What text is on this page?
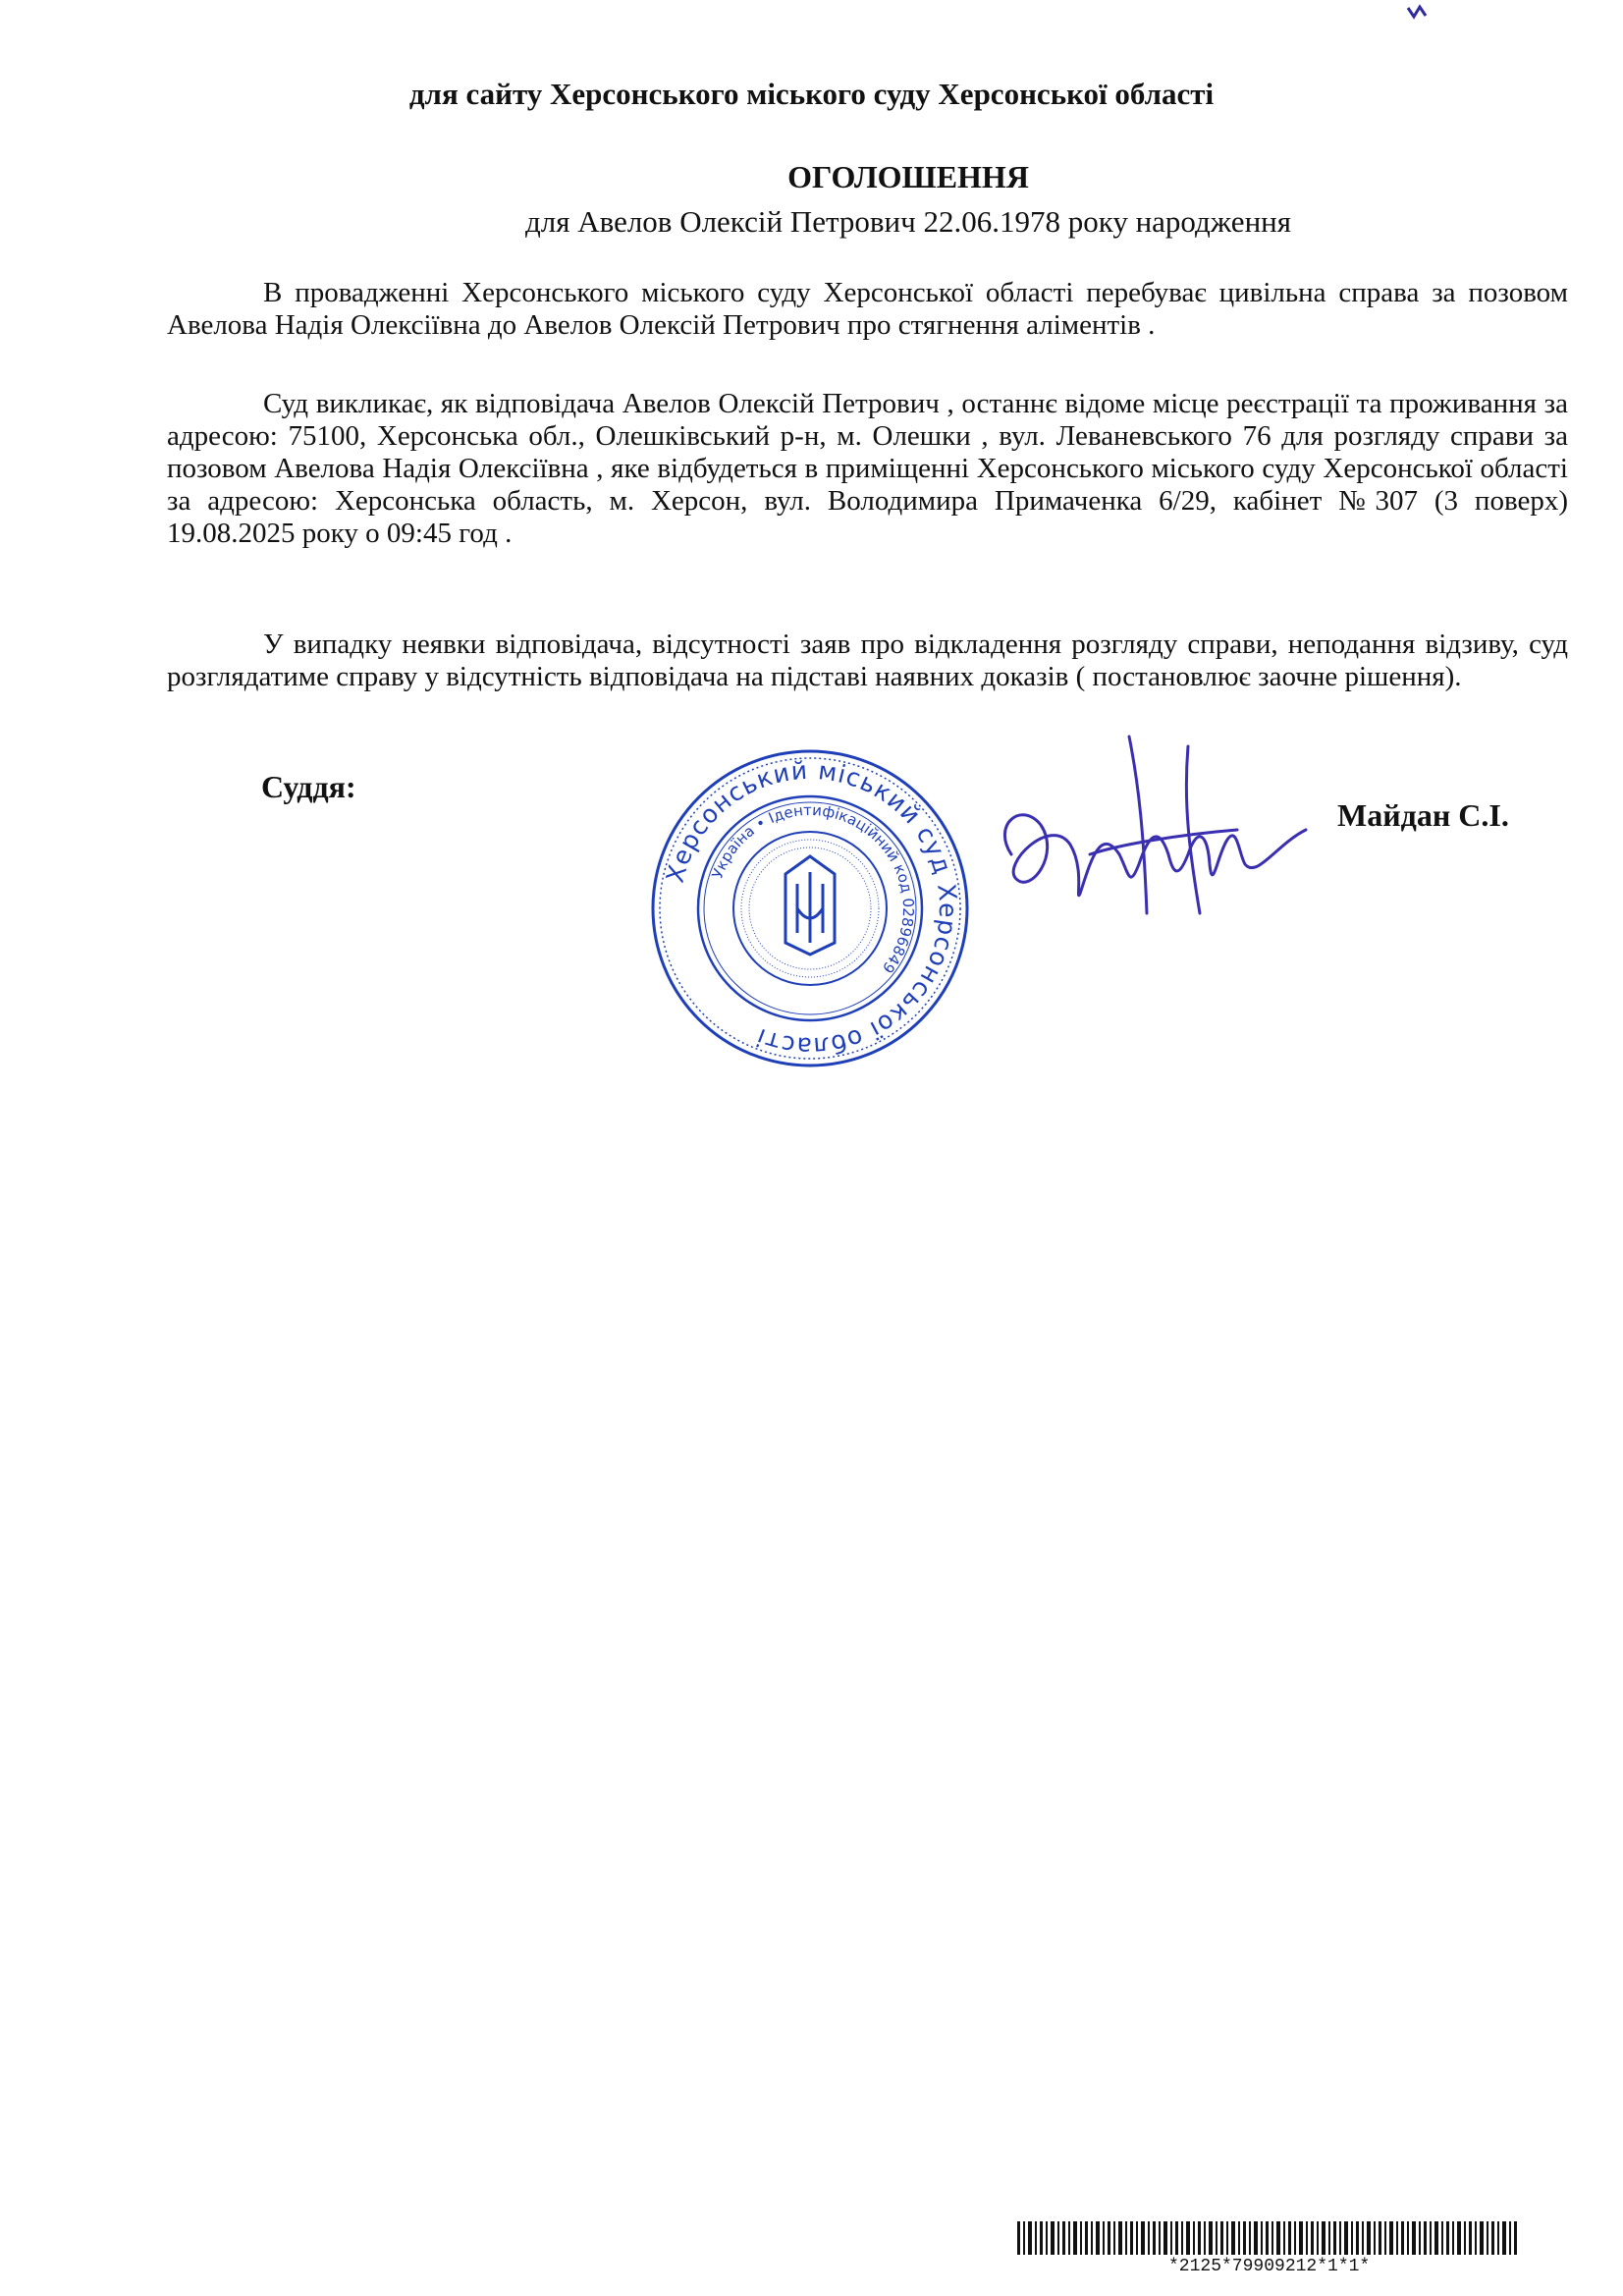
для сайту Херсонського міського суду Херсонської області
ОГОЛОШЕННЯ
для Авелов Олексій Петрович 22.06.1978 року народження
В провадженні Херсонського міського суду Херсонської області перебуває цивільна справа за позовом Авелова Надія Олексіївна до Авелов Олексій Петрович про стягнення аліментів .
Суд викликає, як відповідача Авелов Олексій Петрович , останнє відоме місце реєстрації та проживання за адресою: 75100, Херсонська обл., Олешківський р-н, м. Олешки , вул. Леваневського 76 для розгляду справи за позовом Авелова Надія Олексіївна , яке відбудеться в приміщенні Херсонського міського суду Херсонської області за адресою: Херсонська область, м. Херсон, вул. Володимира Примаченка 6/29, кабінет №307 (3 поверх) 19.08.2025 року о 09:45 год .
У випадку неявки відповідача, відсутності заяв про відкладення розгляду справи, неподання відзиву, суд розглядатиме справу у відсутність відповідача на підставі наявних доказів ( постановлює заочне рішення).
Суддя:
Херсонський міський суд Херсонської області
Україна • Ідентифікаційний код 02896849
Майдан С.І.
*2125*79909212*1*1*
